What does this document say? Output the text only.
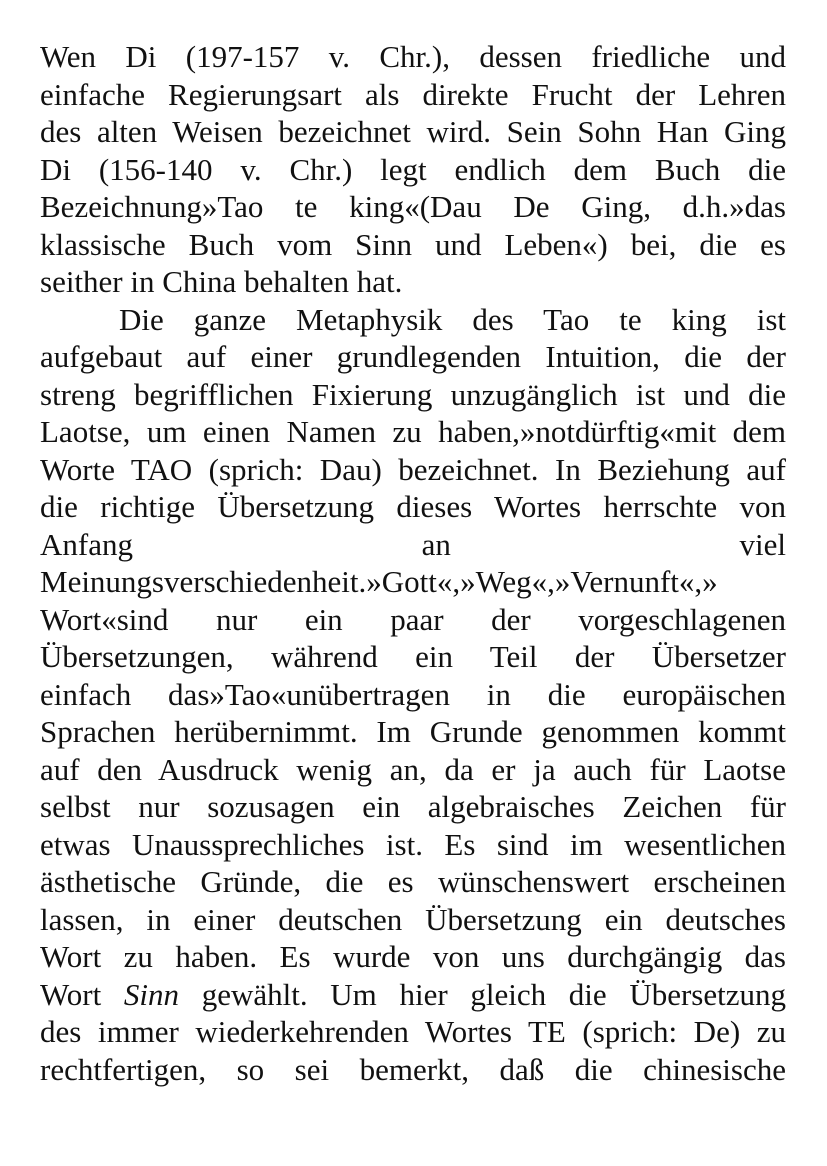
Wen Di (197-157 v. Chr.), dessen friedliche und
einfache Regierungsart als direkte Frucht der Lehren
des alten Weisen bezeichnet wird. Sein Sohn Han Ging
Di (156-140 v. Chr.) legt endlich dem Buch die
Bezeichnung»Tao te king«(Dau De Ging, d.h.»das
klassische Buch vom Sinn und Leben«) bei, die es
seither in China behalten hat.
Die ganze Metaphysik des Tao te king ist
aufgebaut auf einer grundlegenden Intuition, die der
streng begrifflichen Fixierung unzugänglich ist und die
Laotse, um einen Namen zu haben,»notdürftig«mit dem
Worte TAO (sprich: Dau) bezeichnet. In Beziehung auf
die richtige Übersetzung dieses Wortes herrschte von
Anfang an viel
Meinungsverschiedenheit.»Gott«,»Weg«,»Vernunft«,»
Wort«sind nur ein paar der vorgeschlagenen
Übersetzungen, während ein Teil der Übersetzer
einfach das»Tao«unübertragen in die europäischen
Sprachen herübernimmt. Im Grunde genommen kommt
auf den Ausdruck wenig an, da er ja auch für Laotse
selbst nur sozusagen ein algebraisches Zeichen für
etwas Unaussprechliches ist. Es sind im wesentlichen
ästhetische Gründe, die es wünschenswert erscheinen
lassen, in einer deutschen Übersetzung ein deutsches
Wort zu haben. Es wurde von uns durchgängig das
Wort Sinn gewählt. Um hier gleich die Übersetzung
des immer wiederkehrenden Wortes TE (sprich: De) zu
rechtfertigen, so sei bemerkt, daß die chinesische
